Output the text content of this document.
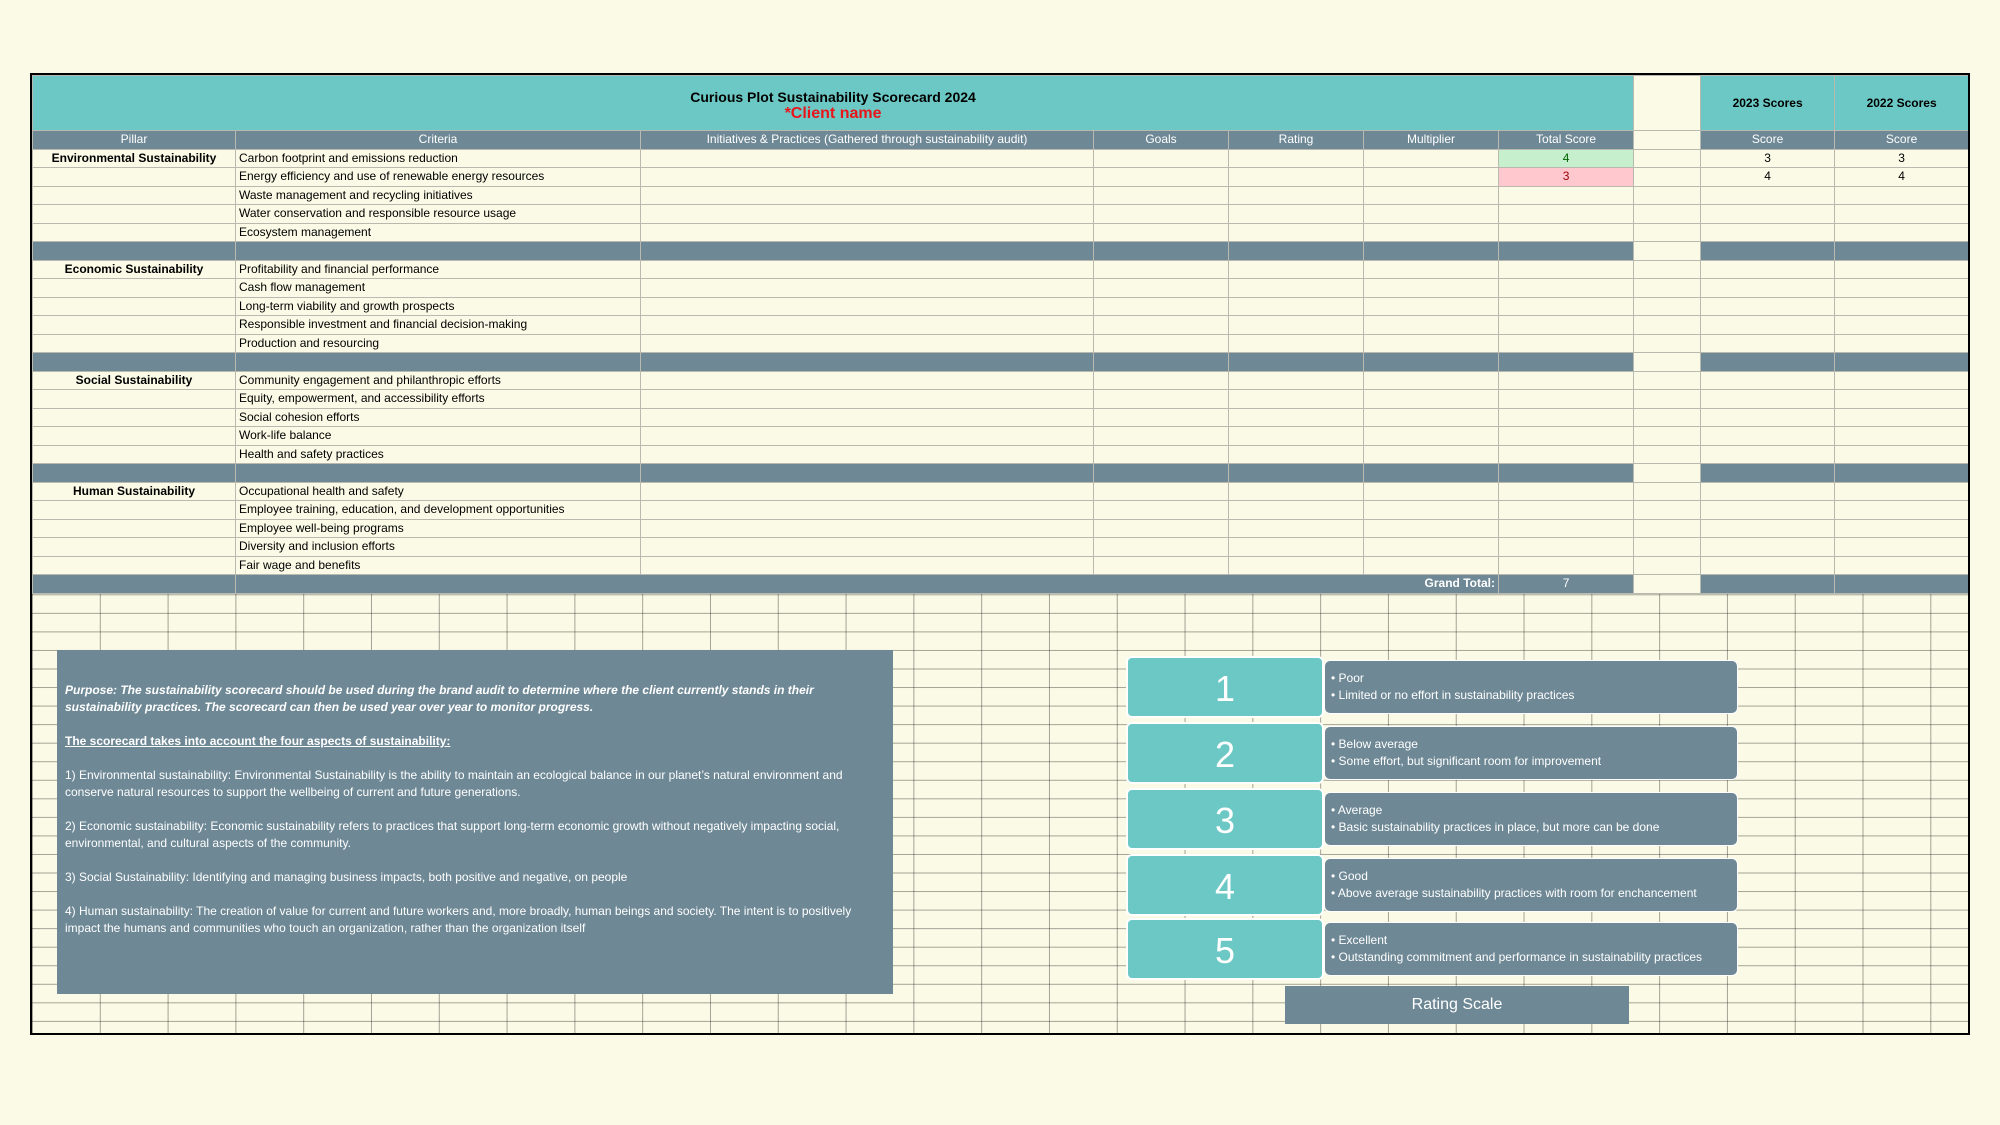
Curious Plot Sustainability Scorecard 2024
*Client name								2023 Scores	2022 Scores
Pillar	Criteria	Initiatives & Practices (Gathered through sustainability audit)	Goals	Rating	Multiplier	Total Score		Score	Score
Environmental Sustainability	Carbon footprint and emissions reduction					4		3	3
	Energy efficiency and use of renewable energy resources					3		4	4
	Waste management and recycling initiatives								
	Water conservation and responsible resource usage								
	Ecosystem management								

Economic Sustainability	Profitability and financial performance								
	Cash flow management								
	Long-term viability and growth prospects								
	Responsible investment and financial decision-making								
	Production and resourcing								

Social Sustainability	Community engagement and philanthropic efforts								
	Equity, empowerment, and accessibility efforts								
	Social cohesion efforts								
	Work-life balance								
	Health and safety practices								

Human Sustainability	Occupational health and safety								
	Employee training, education, and development opportunities								
	Employee well-being programs								
	Diversity and inclusion efforts								
	Fair wage and benefits								
	Grand Total:					7			

Purpose: The sustainability scorecard should be used during the brand audit to determine where the client currently stands in their sustainability practices. The scorecard can then be used year over year to monitor progress.

The scorecard takes into account the four aspects of sustainability:

1) Environmental sustainability: Environmental Sustainability is the ability to maintain an ecological balance in our planet’s natural environment and conserve natural resources to support the wellbeing of current and future generations.

2) Economic sustainability: Economic sustainability refers to practices that support long-term economic growth without negatively impacting social, environmental, and cultural aspects of the community.

3) Social Sustainability: Identifying and managing business impacts, both positive and negative, on people

4) Human sustainability: The creation of value for current and future workers and, more broadly, human beings and society. The intent is to positively impact the humans and communities who touch an organization, rather than the organization itself

1	• Poor
• Limited or no effort in sustainability practices
2	• Below average
• Some effort, but significant room for improvement
3	• Average
• Basic sustainability practices in place, but more can be done
4	• Good
• Above average sustainability practices with room for enchancement
5	• Excellent
• Outstanding commitment and performance in sustainability practices
Rating Scale
